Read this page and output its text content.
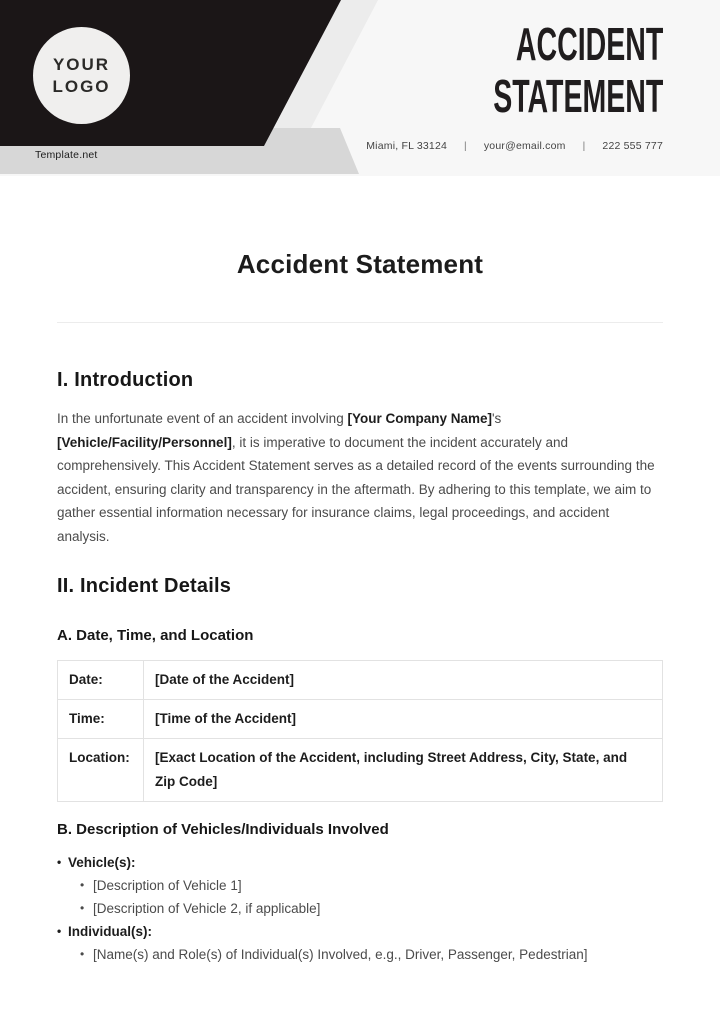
YOUR
LOGO
Template.net
ACCIDENT
STATEMENT
Miami, FL 33124 | your@email.com | 222 555 777
Accident Statement
I. Introduction
In the unfortunate event of an accident involving [Your Company Name]'s [Vehicle/Facility/Personnel], it is imperative to document the incident accurately and comprehensively. This Accident Statement serves as a detailed record of the events surrounding the accident, ensuring clarity and transparency in the aftermath. By adhering to this template, we aim to gather essential information necessary for insurance claims, legal proceedings, and accident analysis.
II. Incident Details
A. Date, Time, and Location
Date:	[Date of the Accident]
Time:	[Time of the Accident]
Location:	[Exact Location of the Accident, including Street Address, City, State, and Zip Code]
B. Description of Vehicles/Individuals Involved
• Vehicle(s):
• [Description of Vehicle 1]
• [Description of Vehicle 2, if applicable]
• Individual(s):
• [Name(s) and Role(s) of Individual(s) Involved, e.g., Driver, Passenger, Pedestrian]
